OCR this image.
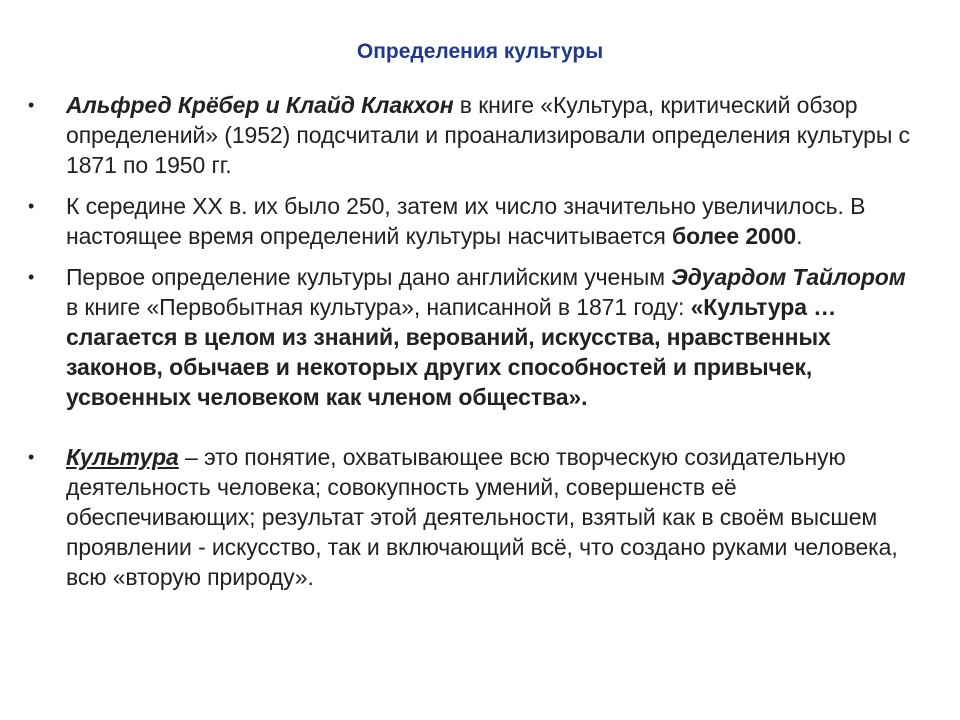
Определения культуры
•	Альфред Крёбер и Клайд Клакхон в книге «Культура, критический обзор определений» (1952) подсчитали и проанализировали определения культуры с 1871 по 1950 гг.
•	К середине XX в. их было 250, затем их число значительно увеличилось. В настоящее время определений культуры насчитывается более 2000.
•	Первое определение культуры дано английским ученым Эдуардом Тайлором в книге «Первобытная культура», написанной в 1871 году: «Культура … слагается в целом из знаний, верований, искусства, нравственных законов, обычаев и некоторых других способностей и привычек, усвоенных человеком как членом общества».
•	Культура – это понятие, охватывающее всю творческую созидательную деятельность человека; совокупность умений, совершенств её обеспечивающих; результат этой деятельности, взятый как в своём высшем проявлении - искусство, так и включающий всё, что создано руками человека, всю «вторую природу».
